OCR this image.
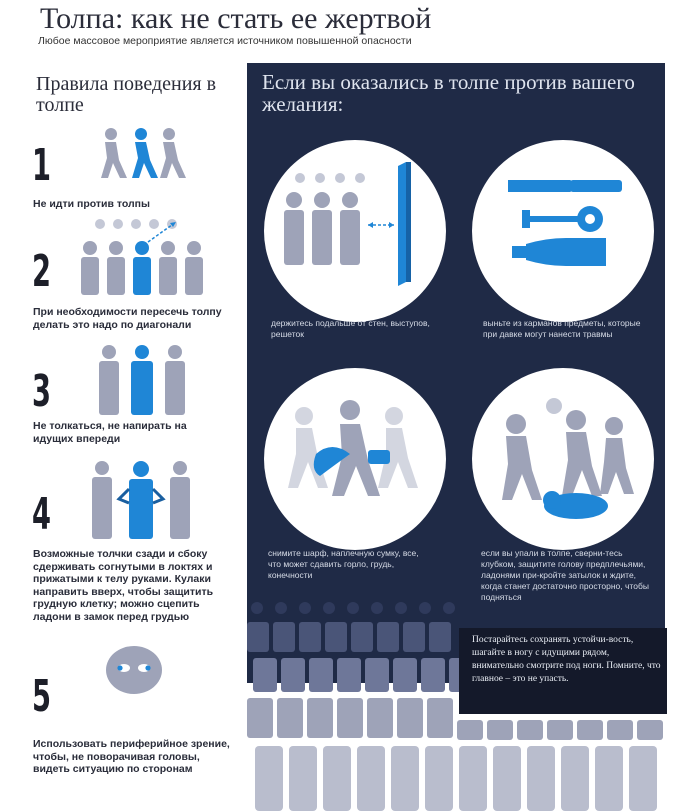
Толпа: как не стать ее жертвой
Любое массовое мероприятие является источником повышенной опасности
Правила поведения в толпе
1
Не идти против толпы
2
При необходимости пересечь толпу делать это надо по диагонали
3
Не толкаться, не напирать на идущих впереди
4
Возможные толчки сзади и сбоку сдерживать согнутыми в локтях и прижатыми к телу руками. Кулаки направить вверх, чтобы защитить грудную клетку; можно сцепить ладони в замок перед грудью
5
Использовать периферийное зрение, чтобы, не поворачивая головы, видеть ситуацию по сторонам
Если вы оказались в толпе против вашего желания:
держитесь подальше от стен, выступов, решеток
выньте из карманов предметы, которые при давке могут нанести травмы
снимите шарф, наплечную сумку, все, что может сдавить горло, грудь, конечности
если вы упали в толпе, сверни-тесь клубком, защитите голову предплечьями, ладонями при-кройте затылок и ждите, когда станет достаточно просторно, чтобы подняться
Постарайтесь сохранять устойчи-вость, шагайте в ногу с идущими рядом, внимательно смотрите под ноги. Помните, что главное – это не упасть.
